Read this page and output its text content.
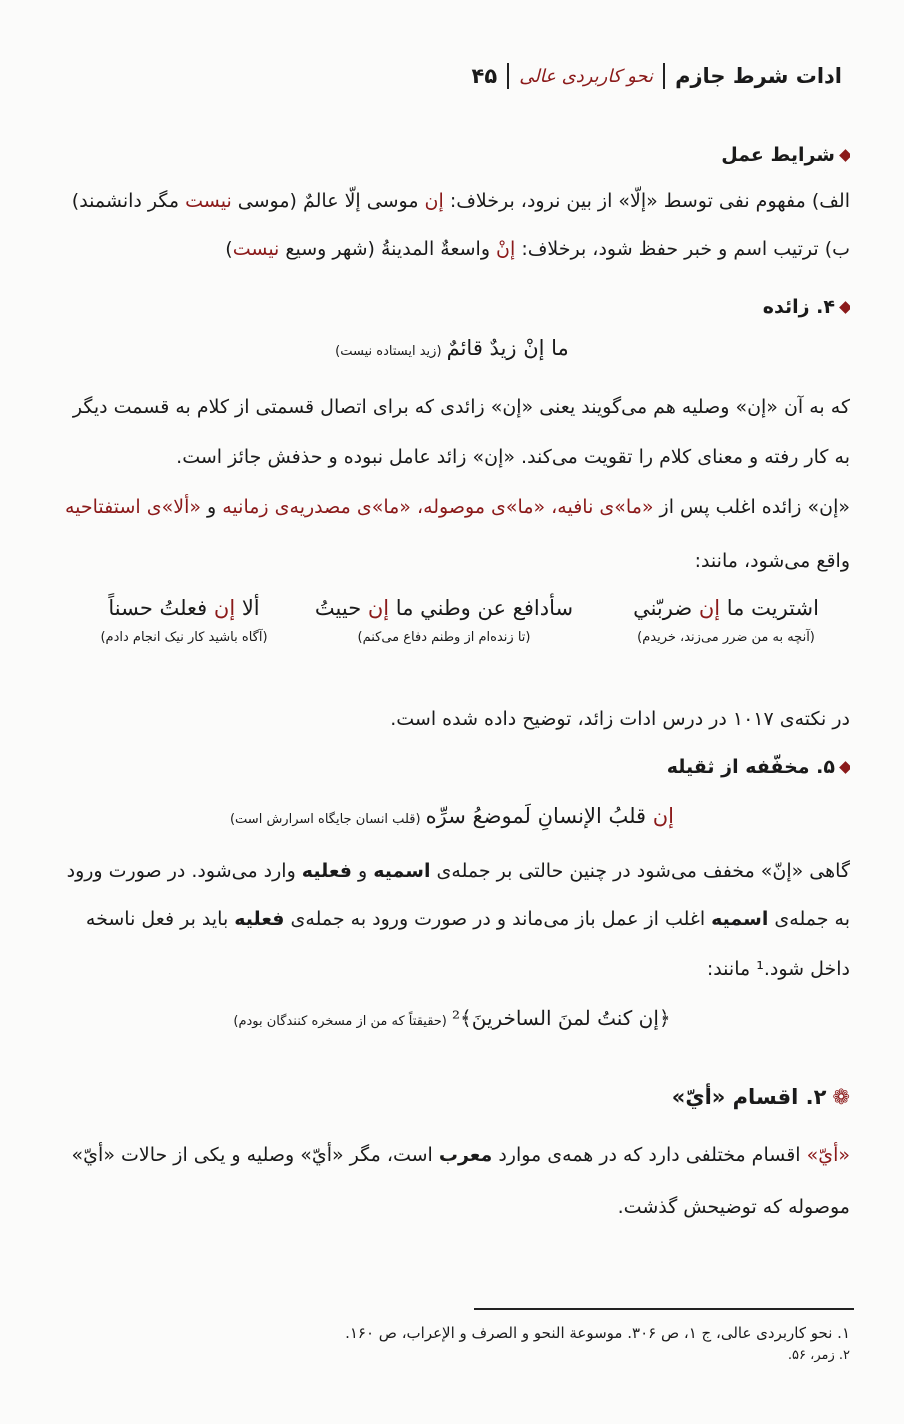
ادات شرط جازم
نحو کاربردی عالی
۴۵
شرایط عمل
الف) مفهوم نفی توسط «إلّا» از بین نرود، برخلاف: إن موسی إلّا عالمٌ (موسی نیست مگر دانشمند)
ب) ترتیب اسم و خبر حفظ شود، برخلاف: إنْ واسعةٌ المدینةُ (شهر وسیع نیست)
۴. زائده
ما إنْ زیدٌ قائمٌ (زید ایستاده نیست)
که به آن «إن» وصلیه هم می‌گویند یعنی «إن» زائدی که برای اتصال قسمتی از کلام به قسمت دیگر
به کار رفته و معنای کلام را تقویت می‌کند. «إن» زائد عامل نبوده و حذفش جائز است.
«إن» زائده اغلب پس از «ما»ی نافیه، «ما»ی موصوله، «ما»ی مصدریه‌ی زمانیه و «ألا»ی استفتاحیه
واقع می‌شود، مانند:
اشتریت ما إن ضربّني
(آنچه به من ضرر می‌زند، خریدم)
سأدافع عن وطني ما إن حییتُ
(تا زنده‌ام از وطنم دفاع می‌کنم)
ألا إن فعلتُ حسناً
(آگاه باشید کار نیک انجام دادم)
در نکته‌ی ۱۰۱۷ در درس ادات زائد، توضیح داده شده است.
۵. مخفّفه از ثقیله
إن قلبُ الإنسانِ لَموضعُ سرِّه (قلب انسان جایگاه اسرارش است)
گاهی «إنّ» مخفف می‌شود در چنین حالتی بر جمله‌ی اسمیه و فعلیه وارد می‌شود. در صورت ورود
به جمله‌ی اسمیه اغلب از عمل باز می‌ماند و در صورت ورود به جمله‌ی فعلیه باید بر فعل ناسخه
داخل شود.¹ مانند:
﴿إن كنتُ لمنَ الساخرينَ﴾² (حقیقتاً که من از مسخره کنندگان بودم)
❁۲. اقسام «أيّ»
«أيّ» اقسام مختلفی دارد که در همه‌ی موارد معرب است، مگر «أيّ» وصلیه و یکی از حالات «أيّ»
موصوله که توضیحش گذشت.
۱. نحو کاربردی عالی، ج ۱، ص ۳۰۶. موسوعة النحو و الصرف و الإعراب، ص ۱۶۰.
۲. زمر، ۵۶.
